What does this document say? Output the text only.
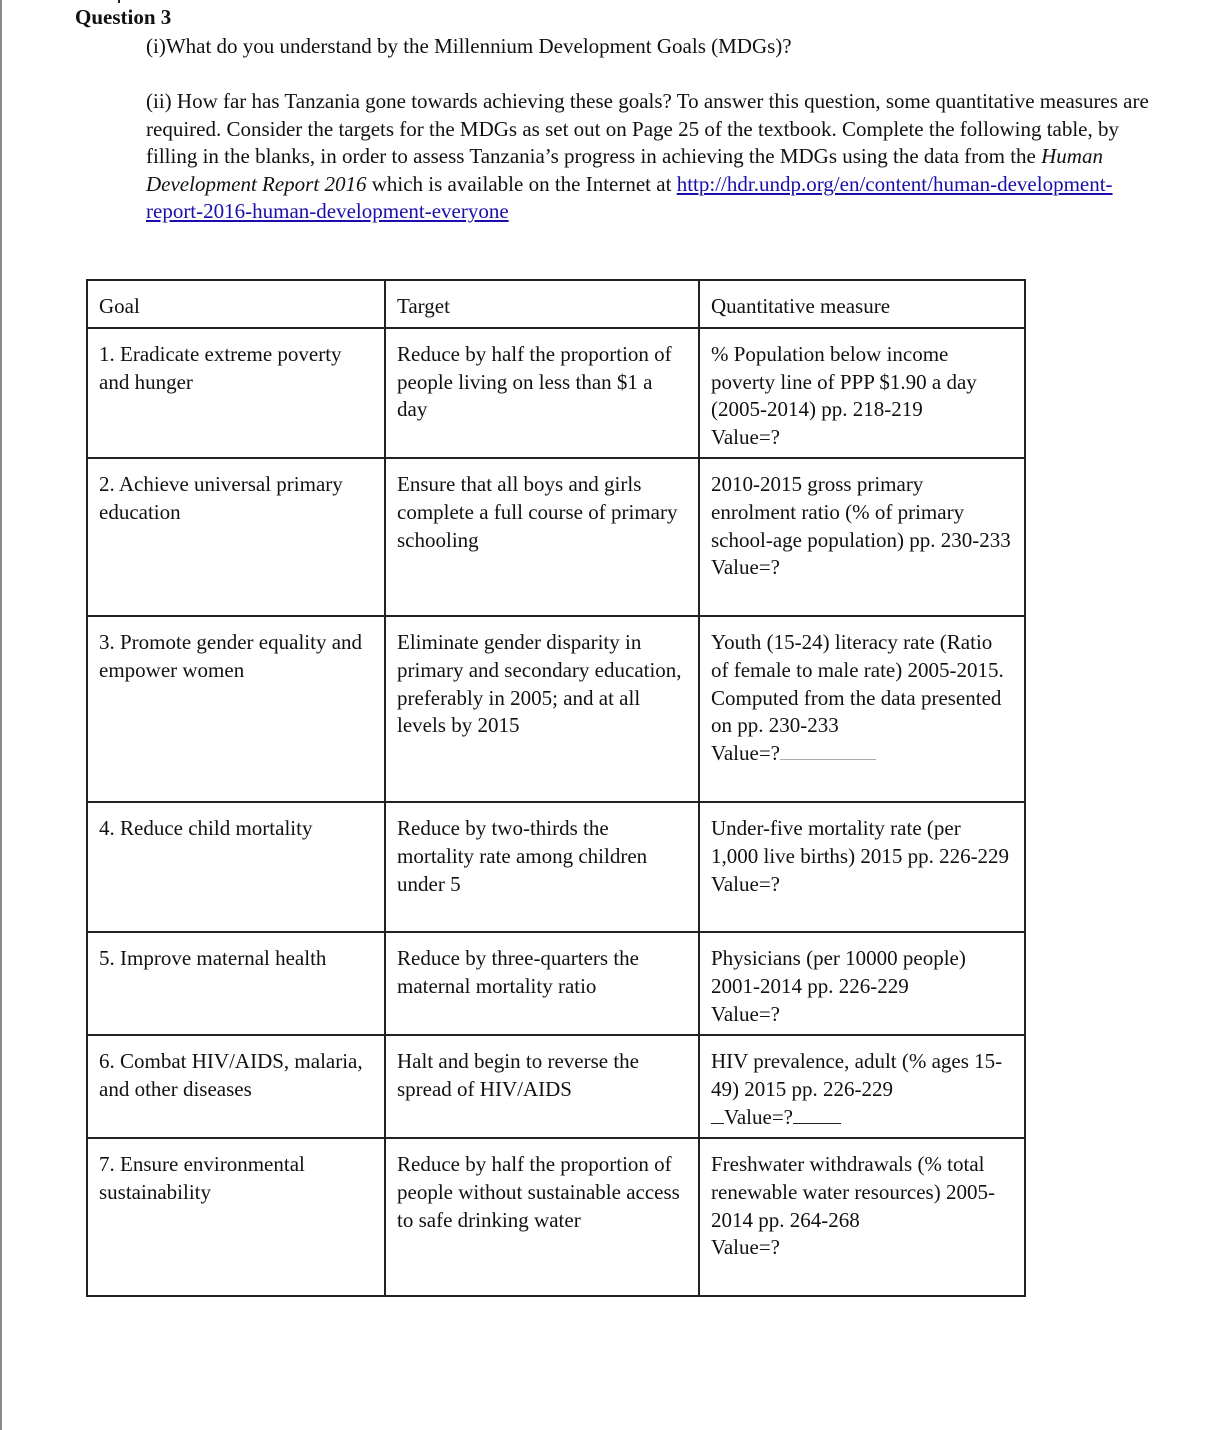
Question 3
(i)What do you understand by the Millennium Development Goals (MDGs)?
(ii) How far has Tanzania gone towards achieving these goals? To answer this question, some quantitative measures are required. Consider the targets for the MDGs as set out on Page 25 of the textbook. Complete the following table, by filling in the blanks, in order to assess Tanzania’s progress in achieving the MDGs using the data from the Human Development Report 2016 which is available on the Internet at http://hdr.undp.org/en/content/human-development-report-2016-human-development-everyone
Goal	Target	Quantitative measure
1. Eradicate extreme poverty and hunger	Reduce by half the proportion of people living on less than $1 a day	% Population below income poverty line of PPP $1.90 a day (2005-2014) pp. 218-219
Value=?

2. Achieve universal primary education	Ensure that all boys and girls complete a full course of primary schooling	2010-2015 gross primary enrolment ratio (% of primary school-age population) pp. 230-233
Value=?

3. Promote gender equality and empower women	Eliminate gender disparity in primary and secondary education, preferably in 2005; and at all levels by 2015	Youth (15-24) literacy rate (Ratio of female to male rate) 2005-2015. Computed from the data presented on pp. 230-233
Value=?

4. Reduce child mortality	Reduce by two-thirds the mortality rate among children under 5	Under-five mortality rate (per 1,000 live births) 2015 pp. 226-229
Value=?

5. Improve maternal health	Reduce by three-quarters the maternal mortality ratio	Physicians (per 10000 people) 2001-2014 pp. 226-229
Value=?

6. Combat HIV/AIDS, malaria, and other diseases	Halt and begin to reverse the spread of HIV/AIDS	HIV prevalence, adult (% ages 15-49) 2015 pp. 226-229
Value=?

7. Ensure environmental sustainability	Reduce by half the proportion of people without sustainable access to safe drinking water	Freshwater withdrawals (% total renewable water resources) 2005-2014 pp. 264-268
Value=?
